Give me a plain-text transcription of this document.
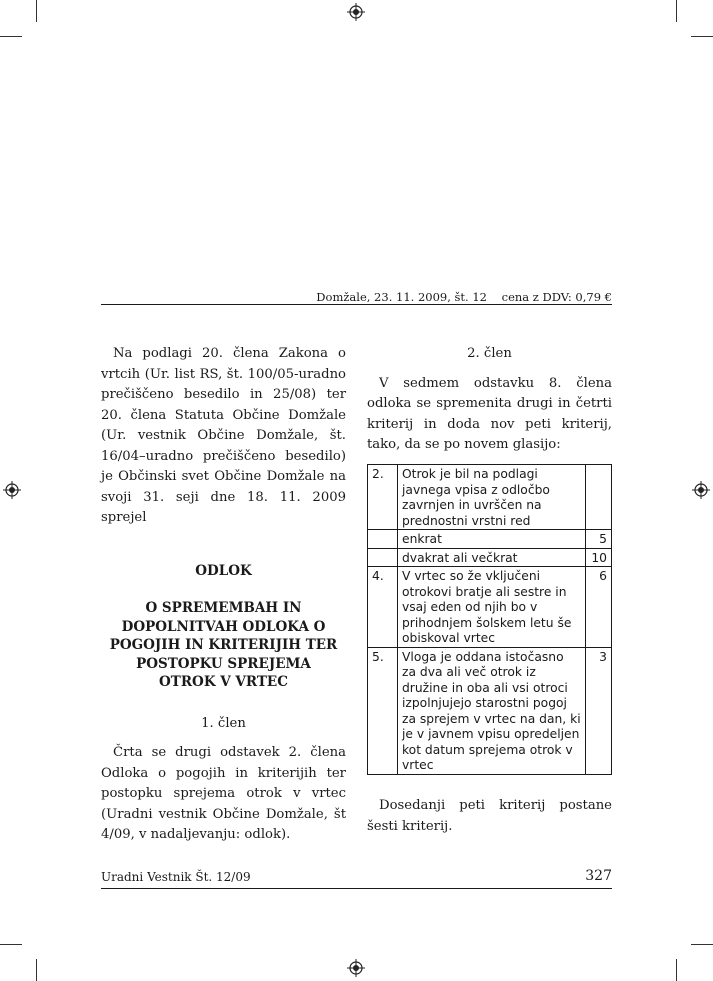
Domžale, 23. 11. 2009, št. 12 cena z DDV: 0,79 €

Na podlagi 20. člena Zakona o vrtcih (Ur. list RS, št. 100/05-uradno prečiščeno besedilo in 25/08) ter 20. člena Statuta Občine Domžale (Ur. vestnik Občine Domžale, št. 16/04–uradno prečiščeno besedilo) je Občinski svet Občine Domžale na svoji 31. seji dne 18. 11. 2009 sprejel

ODLOK

O SPREMEMBAH IN DOPOLNITVAH ODLOKA O POGOJIH IN KRITERIJIH TER POSTOPKU SPREJEMA OTROK V VRTEC

1. člen

Črta se drugi odstavek 2. člena Odloka o pogojih in kriterijih ter postopku sprejema otrok v vrtec (Uradni vestnik Občine Domžale, št 4/09, v nadaljevanju: odlok).

2. člen

V sedmem odstavku 8. člena odloka se spremenita drugi in četrti kriterij in doda nov peti kriterij, tako, da se po novem glasijo:

2.	Otrok je bil na podlagi javnega vpisa z odločbo zavrnjen in uvrščen na prednostni vrstni red	
	enkrat	5
	dvakrat ali večkrat	10
4.	V vrtec so že vključeni otrokovi bratje ali sestre in vsaj eden od njih bo v prihodnjem šolskem letu še obiskoval vrtec	6
5.	Vloga je oddana istočasno za dva ali več otrok iz družine in oba ali vsi otroci izpolnjujejo starostni pogoj za sprejem v vrtec na dan, ki je v javnem vpisu opredeljen kot datum sprejema otrok v vrtec	3

Dosedanji peti kriterij postane šesti kriterij.

Uradni Vestnik Št. 12/09	327
